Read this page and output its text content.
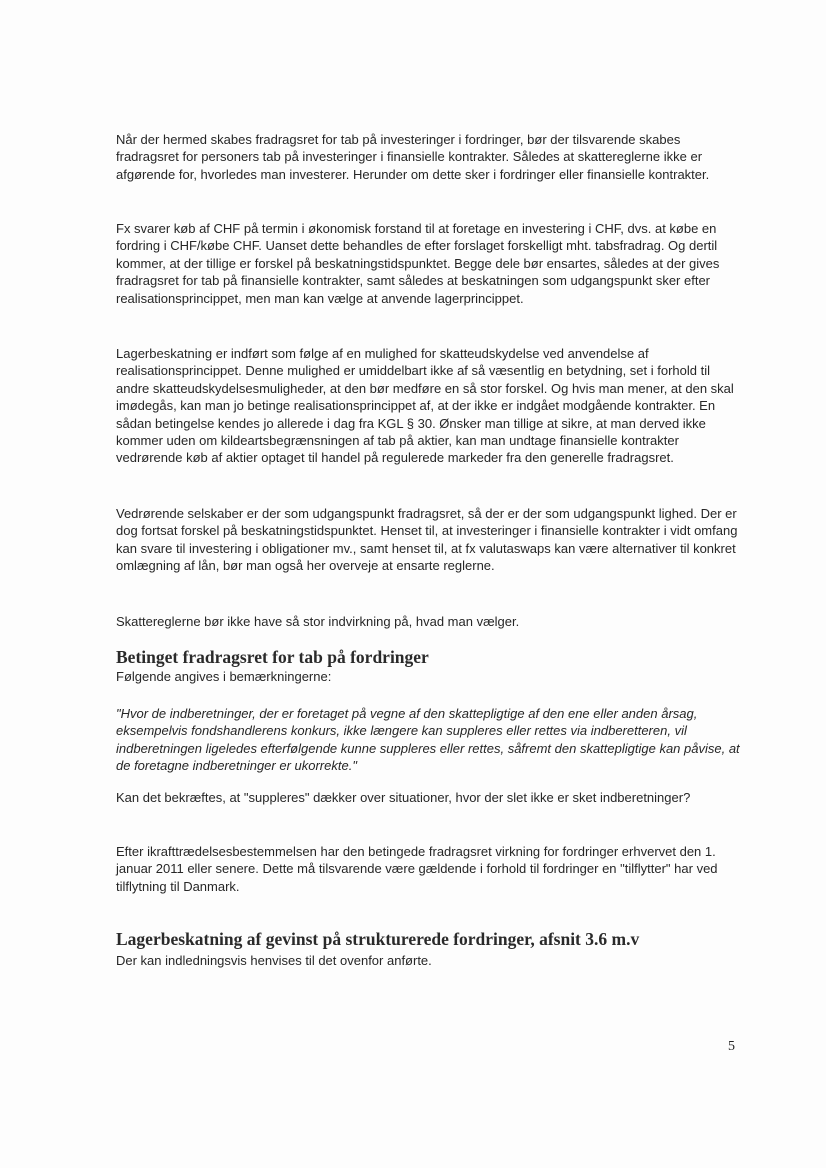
Når der hermed skabes fradragsret for tab på investeringer i fordringer, bør der tilsvarende skabes fradragsret for personers tab på investeringer i finansielle kontrakter. Således at skattereglerne ikke er afgørende for, hvorledes man investerer. Herunder om dette sker i fordringer eller finansielle kontrakter.

Fx svarer køb af CHF på termin i økonomisk forstand til at foretage en investering i CHF, dvs. at købe en fordring i CHF/købe CHF. Uanset dette behandles de efter forslaget forskelligt mht. tabsfradrag. Og dertil kommer, at der tillige er forskel på beskatningstidspunktet. Begge dele bør ensartes, således at der gives fradragsret for tab på finansielle kontrakter, samt således at beskatningen som udgangspunkt sker efter realisationsprincippet, men man kan vælge at anvende lagerprincippet.

Lagerbeskatning er indført som følge af en mulighed for skatteudskydelse ved anvendelse af realisationsprincippet. Denne mulighed er umiddelbart ikke af så væsentlig en betydning, set i forhold til andre skatteudskydelsesmuligheder, at den bør medføre en så stor forskel. Og hvis man mener, at den skal imødegås, kan man jo betinge realisationsprincippet af, at der ikke er indgået modgående kontrakter. En sådan betingelse kendes jo allerede i dag fra KGL § 30. Ønsker man tillige at sikre, at man derved ikke kommer uden om kildeartsbegrænsningen af tab på aktier, kan man undtage finansielle kontrakter vedrørende køb af aktier optaget til handel på regulerede markeder fra den generelle fradragsret.

Vedrørende selskaber er der som udgangspunkt fradragsret, så der er der som udgangspunkt lighed. Der er dog fortsat forskel på beskatningstidspunktet. Henset til, at investeringer i finansielle kontrakter i vidt omfang kan svare til investering i obligationer mv., samt henset til, at fx valutaswaps kan være alternativer til konkret omlægning af lån, bør man også her overveje at ensarte reglerne.

Skattereglerne bør ikke have så stor indvirkning på, hvad man vælger.

Betinget fradragsret for tab på fordringer

Følgende angives i bemærkningerne:

"Hvor de indberetninger, der er foretaget på vegne af den skattepligtige af den ene eller anden årsag, eksempelvis fondshandlerens konkurs, ikke længere kan suppleres eller rettes via indberetteren, vil indberetningen ligeledes efterfølgende kunne suppleres eller rettes, såfremt den skattepligtige kan påvise, at de foretagne indberetninger er ukorrekte."

Kan det bekræftes, at "suppleres" dækker over situationer, hvor der slet ikke er sket indberetninger?

Efter ikrafttrædelsesbestemmelsen har den betingede fradragsret virkning for fordringer erhvervet den 1. januar 2011 eller senere. Dette må tilsvarende være gældende i forhold til fordringer en "tilflytter" har ved tilflytning til Danmark.

Lagerbeskatning af gevinst på strukturerede fordringer, afsnit 3.6 m.v

Der kan indledningsvis henvises til det ovenfor anførte.

5
